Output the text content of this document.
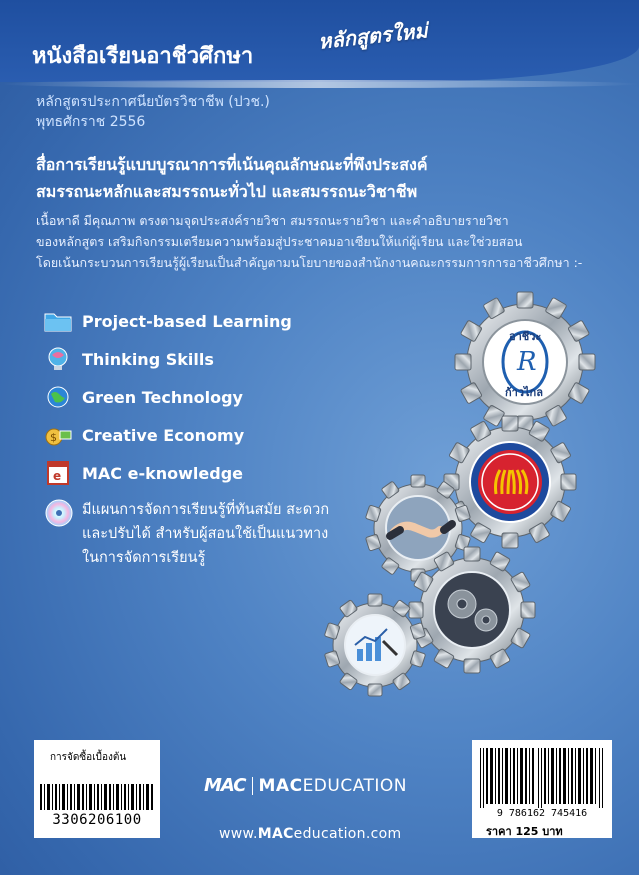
หนังสือเรียนอาชีวศึกษา
หลักสูตรใหม่
หลักสูตรประกาศนียบัตรวิชาชีพ (ปวช.)
พุทธศักราช 2556
สื่อการเรียนรู้แบบบูรณาการที่เน้นคุณลักษณะที่พึงประสงค์
สมรรถนะหลักและสมรรถนะทั่วไป และสมรรถนะวิชาชีพ
เนื้อหาดี มีคุณภาพ ตรงตามจุดประสงค์รายวิชา สมรรถนะรายวิชา และคำอธิบายรายวิชา
ของหลักสูตร เสริมกิจกรรมเตรียมความพร้อมสู่ประชาคมอาเซียนให้แก่ผู้เรียน และใช่วยสอน
โดยเน้นกระบวนการเรียนรู้ผู้เรียนเป็นสำคัญตามนโยบายของสำนักงานคณะกรรมการการอาชีวศึกษา :-
Project-based Learning
Thinking Skills
Green Technology
$ Creative Economy
e MAC e-knowledge
มีแผนการจัดการเรียนรู้ที่ทันสมัย สะดวก
และปรับได้ สำหรับผู้สอนใช้เป็นแนวทาง
ในการจัดการเรียนรู้
R
อาชีวะ
ก้าวไกล
การจัดซื้อเบื้องต้น
3306206100
MAC MACEDUCATION
www.MACeducation.com
9 786162 745416
ราคา 125 บาท
